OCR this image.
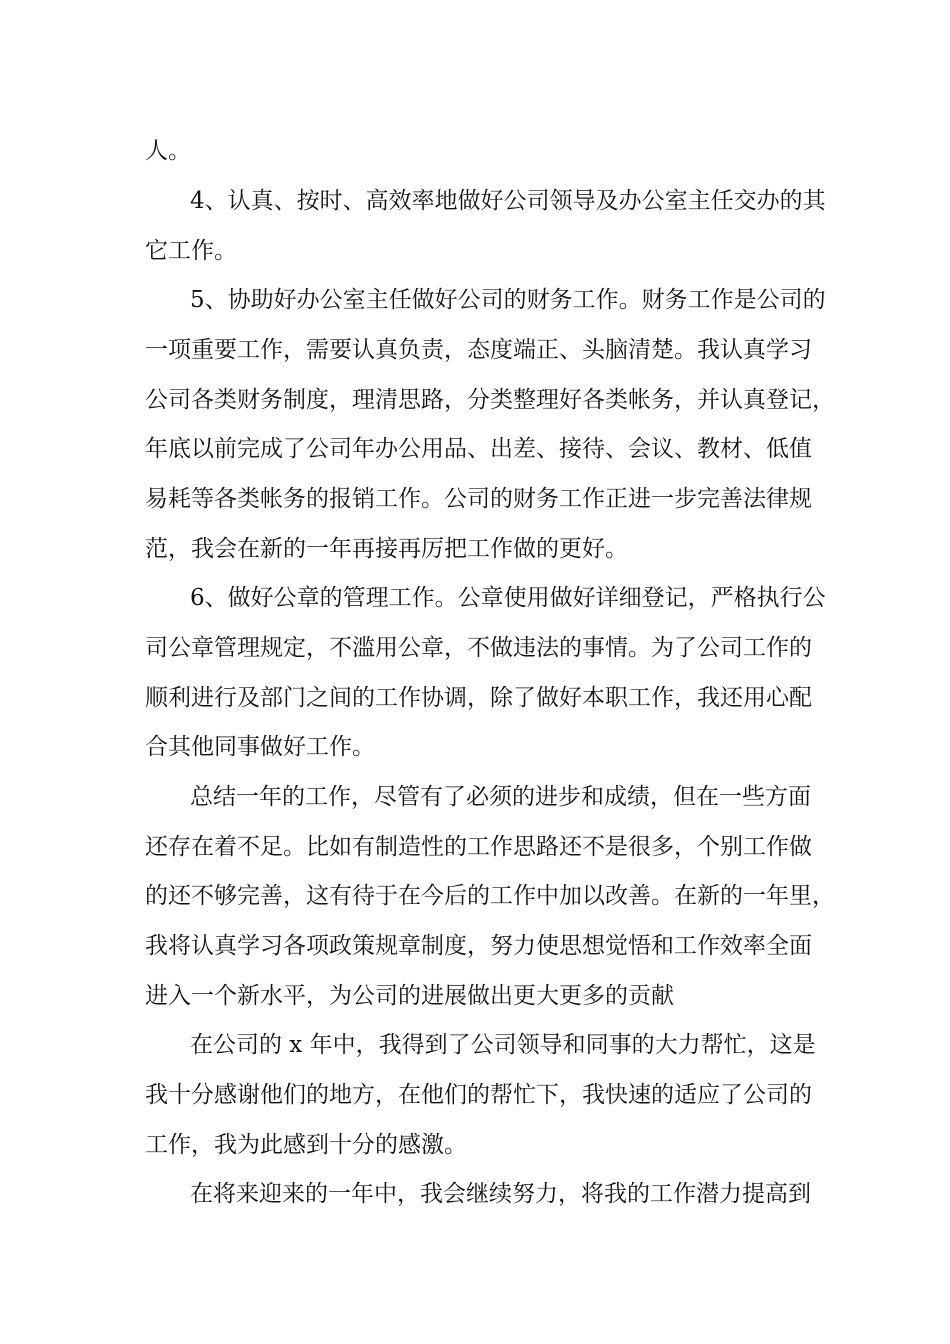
人。
4、认真、按时、高效率地做好公司领导及办公室主任交办的其
它工作。
5、协助好办公室主任做好公司的财务工作。财务工作是公司的
一项重要工作，需要认真负责，态度端正、头脑清楚。我认真学习
公司各类财务制度，理清思路，分类整理好各类帐务，并认真登记，
年底以前完成了公司年办公用品、出差、接待、会议、教材、低值
易耗等各类帐务的报销工作。公司的财务工作正进一步完善法律规
范，我会在新的一年再接再厉把工作做的更好。
6、做好公章的管理工作。公章使用做好详细登记，严格执行公
司公章管理规定，不滥用公章，不做违法的事情。为了公司工作的
顺利进行及部门之间的工作协调，除了做好本职工作，我还用心配
合其他同事做好工作。
总结一年的工作，尽管有了必须的进步和成绩，但在一些方面
还存在着不足。比如有制造性的工作思路还不是很多，个别工作做
的还不够完善，这有待于在今后的工作中加以改善。在新的一年里，
我将认真学习各项政策规章制度，努力使思想觉悟和工作效率全面
进入一个新水平，为公司的进展做出更大更多的贡献
在公司的 x 年中，我得到了公司领导和同事的大力帮忙，这是
我十分感谢他们的地方，在他们的帮忙下，我快速的适应了公司的
工作，我为此感到十分的感激。
在将来迎来的一年中，我会继续努力，将我的工作潜力提高到
